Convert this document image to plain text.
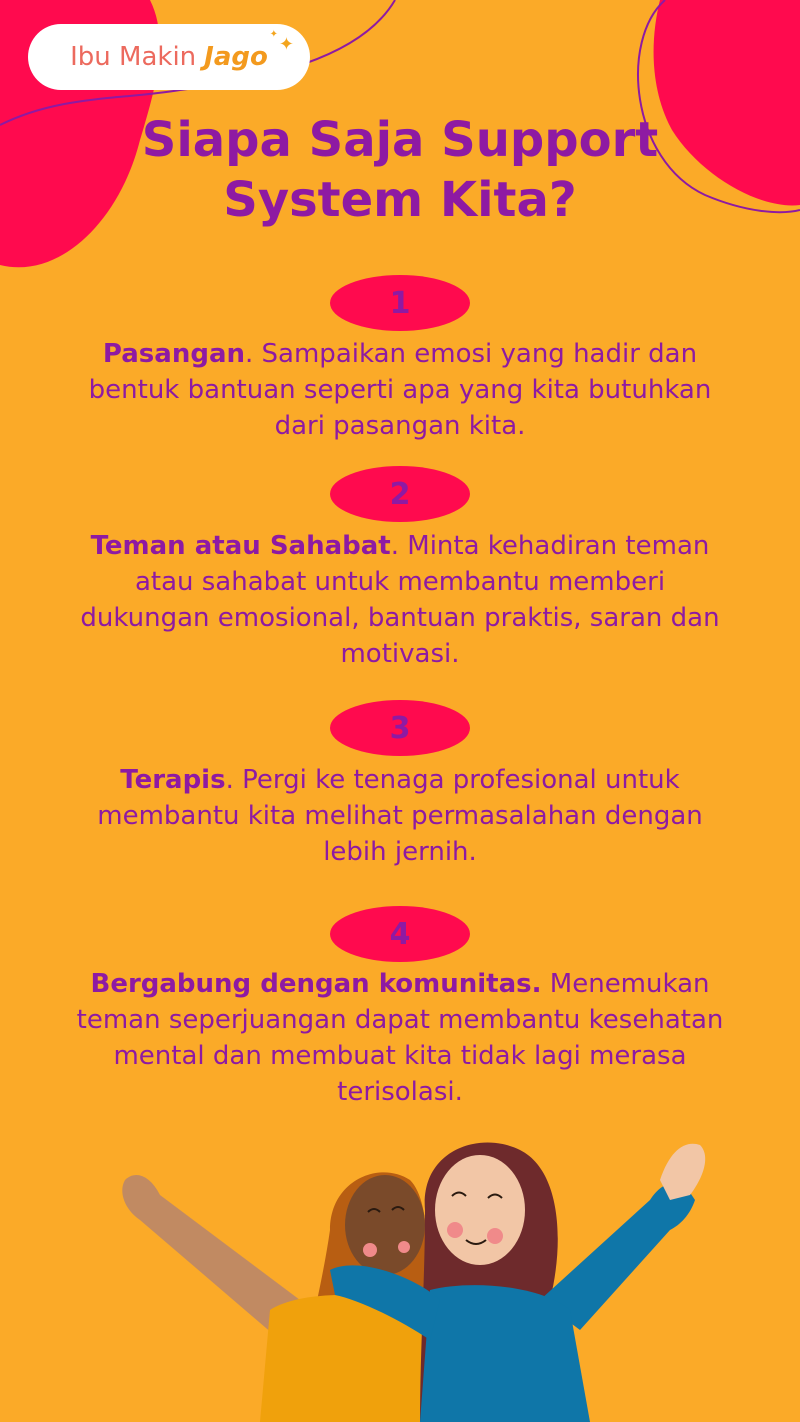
Ibu Makin Jago ✦
✦
Siapa Saja Support
System Kita?
1
Pasangan. Sampaikan emosi yang hadir dan bentuk bantuan seperti apa yang kita butuhkan dari pasangan kita.
2
Teman atau Sahabat. Minta kehadiran teman atau sahabat untuk membantu memberi dukungan emosional, bantuan praktis, saran dan motivasi.
3
Terapis. Pergi ke tenaga profesional untuk membantu kita melihat permasalahan dengan lebih jernih.
4
Bergabung dengan komunitas. Menemukan teman seperjuangan dapat membantu kesehatan mental dan membuat kita tidak lagi merasa terisolasi.
